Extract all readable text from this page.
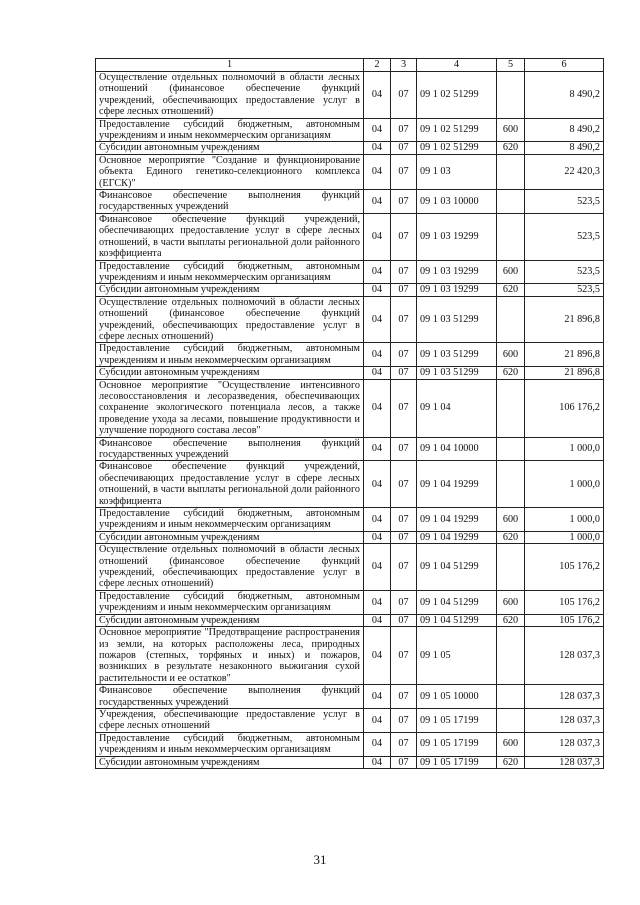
1	2	3	4	5	6
Осуществление отдельных полномочий в области лесных отношений (финансовое обеспечение функций учреждений, обеспечивающих предоставление услуг в сфере лесных отношений)	04	07	09 1 02 51299		8 490,2
Предоставление субсидий бюджетным, автономным учреждениям и иным некоммерческим организациям	04	07	09 1 02 51299	600	8 490,2
Субсидии автономным учреждениям	04	07	09 1 02 51299	620	8 490,2
Основное мероприятие "Создание и функционирование объекта Единого генетико-селекционного комплекса (ЕГСК)"	04	07	09 1 03		22 420,3
Финансовое обеспечение выполнения функций государственных учреждений	04	07	09 1 03 10000		523,5
Финансовое обеспечение функций учреждений, обеспечивающих предоставление услуг в сфере лесных отношений, в части выплаты региональной доли районного коэффициента	04	07	09 1 03 19299		523,5
Предоставление субсидий бюджетным, автономным учреждениям и иным некоммерческим организациям	04	07	09 1 03 19299	600	523,5
Субсидии автономным учреждениям	04	07	09 1 03 19299	620	523,5
Осуществление отдельных полномочий в области лесных отношений (финансовое обеспечение функций учреждений, обеспечивающих предоставление услуг в сфере лесных отношений)	04	07	09 1 03 51299		21 896,8
Предоставление субсидий бюджетным, автономным учреждениям и иным некоммерческим организациям	04	07	09 1 03 51299	600	21 896,8
Субсидии автономным учреждениям	04	07	09 1 03 51299	620	21 896,8
Основное мероприятие "Осуществление интенсивного лесовосстановления и лесоразведения, обеспечивающих сохранение экологического потенциала лесов, а также проведение ухода за лесами, повышение продуктивности и улучшение породного состава лесов"	04	07	09 1 04		106 176,2
Финансовое обеспечение выполнения функций государственных учреждений	04	07	09 1 04 10000		1 000,0
Финансовое обеспечение функций учреждений, обеспечивающих предоставление услуг в сфере лесных отношений, в части выплаты региональной доли районного коэффициента	04	07	09 1 04 19299		1 000,0
Предоставление субсидий бюджетным, автономным учреждениям и иным некоммерческим организациям	04	07	09 1 04 19299	600	1 000,0
Субсидии автономным учреждениям	04	07	09 1 04 19299	620	1 000,0
Осуществление отдельных полномочий в области лесных отношений (финансовое обеспечение функций учреждений, обеспечивающих предоставление услуг в сфере лесных отношений)	04	07	09 1 04 51299		105 176,2
Предоставление субсидий бюджетным, автономным учреждениям и иным некоммерческим организациям	04	07	09 1 04 51299	600	105 176,2
Субсидии автономным учреждениям	04	07	09 1 04 51299	620	105 176,2
Основное мероприятие "Предотвращение распространения из земли, на которых расположены леса, природных пожаров (степных, торфяных и иных) и пожаров, возникших в результате незаконного выжигания сухой растительности и ее остатков"	04	07	09 1 05		128 037,3
Финансовое обеспечение выполнения функций государственных учреждений	04	07	09 1 05 10000		128 037,3
Учреждения, обеспечивающие предоставление услуг в сфере лесных отношений	04	07	09 1 05 17199		128 037,3
Предоставление субсидий бюджетным, автономным учреждениям и иным некоммерческим организациям	04	07	09 1 05 17199	600	128 037,3
Субсидии автономным учреждениям	04	07	09 1 05 17199	620	128 037,3
31
